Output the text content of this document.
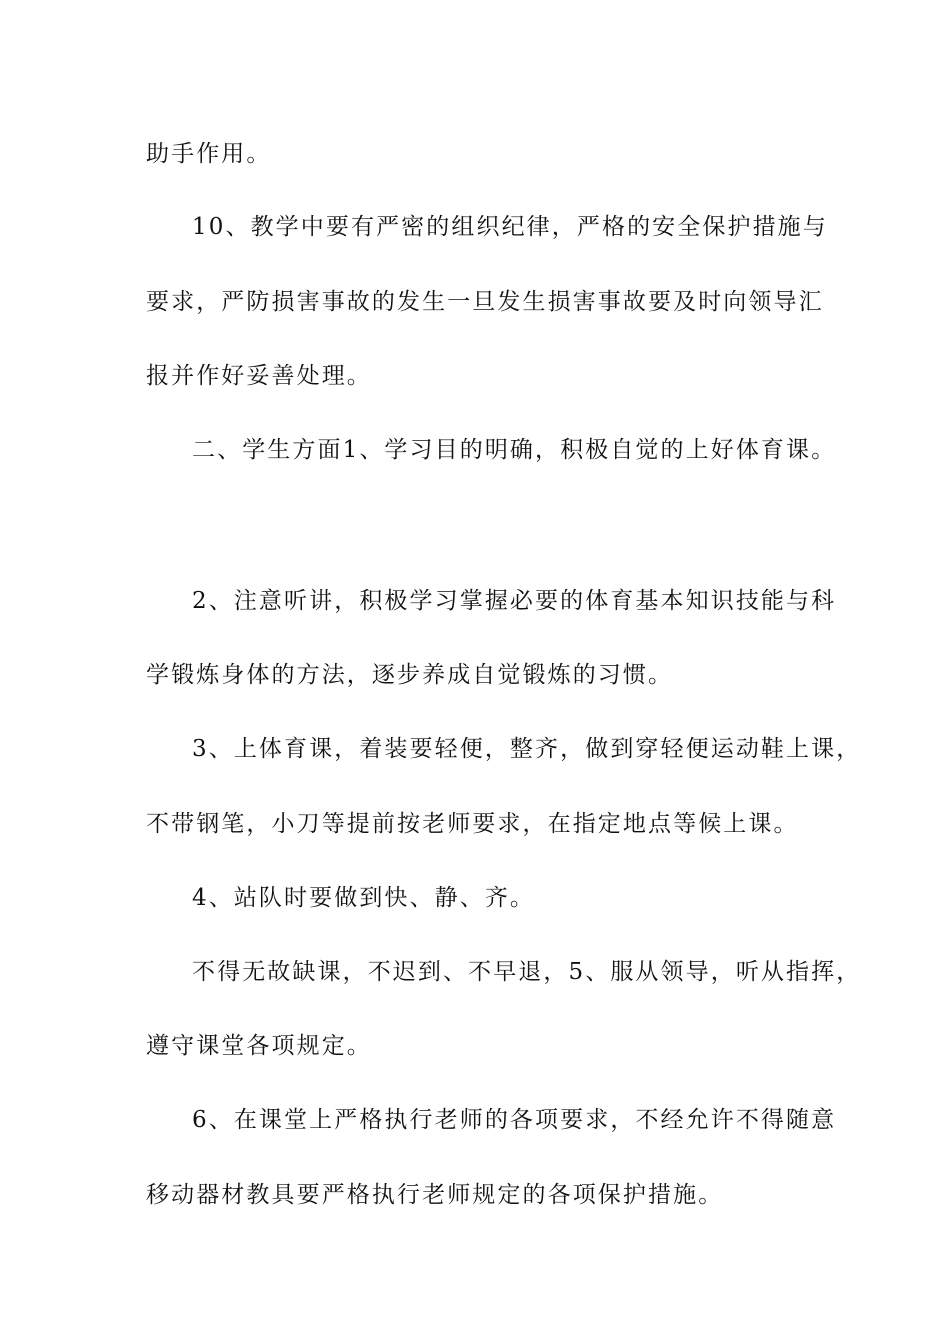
助手作用。
10、教学中要有严密的组织纪律，严格的安全保护措施与
要求，严防损害事故的发生一旦发生损害事故要及时向领导汇
报并作好妥善处理。
二、学生方面1、学习目的明确，积极自觉的上好体育课。
2、注意听讲，积极学习掌握必要的体育基本知识技能与科
学锻炼身体的方法，逐步养成自觉锻炼的习惯。
3、上体育课，着装要轻便，整齐，做到穿轻便运动鞋上课，
不带钢笔，小刀等提前按老师要求，在指定地点等候上课。
4、站队时要做到快、静、齐。
不得无故缺课，不迟到、不早退，5、服从领导，听从指挥，
遵守课堂各项规定。
6、在课堂上严格执行老师的各项要求，不经允许不得随意
移动器材教具要严格执行老师规定的各项保护措施。
